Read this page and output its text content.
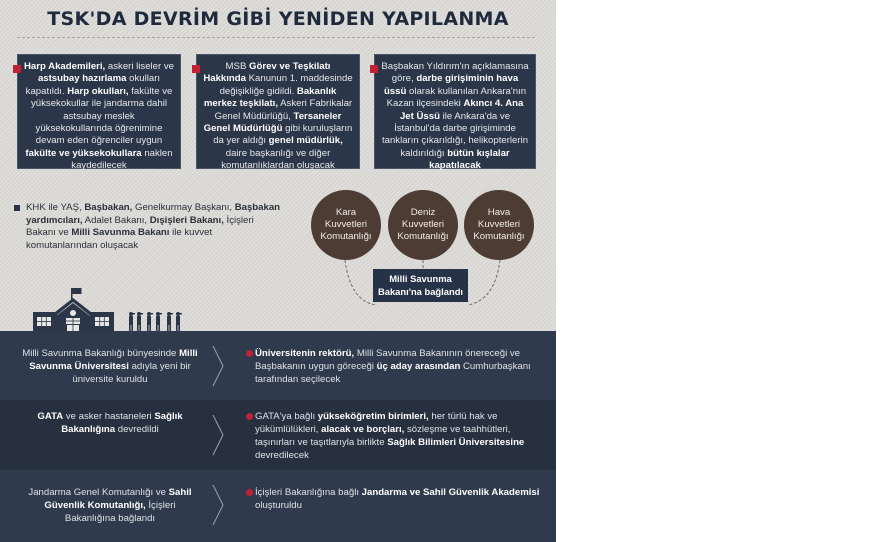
TSK'DA DEVRİM GİBİ YENİDEN YAPILANMA
Harp Akademileri, askeri liseler ve astsubay hazırlama okulları kapatıldı. Harp okulları, fakülte ve yüksekokullar ile jandarma dahil astsubay meslek yüksekokullarında öğrenimine devam eden öğrenciler uygun fakülte ve yüksekokullara naklen kaydedilecek
MSB Görev ve Teşkilatı Hakkında Kanunun 1. maddesinde değişikliğe gidildi. Bakanlık merkez teşkilatı, Askeri Fabrikalar Genel Müdürlüğü, Tersaneler Genel Müdürlüğü gibi kuruluşların da yer aldığı genel müdürlük, daire başkanlığı ve diğer komutanlıklardan oluşacak
Başbakan Yıldırım'ın açıklamasına göre, darbe girişiminin hava üssü olarak kullanılan Ankara'nın Kazan ilçesindeki Akıncı 4. Ana Jet Üssü ile Ankara'da ve İstanbul'da darbe girişiminde tankların çıkarıldığı, helikopterlerin kaldırıldığı bütün kışlalar kapatılacak
KHK ile YAŞ, Başbakan, Genelkurmay Başkanı, Başbakan yardımcıları, Adalet Bakanı, Dışişleri Bakanı, İçişleri Bakanı ve Milli Savunma Bakanı ile kuvvet komutanlarından oluşacak
Kara
Kuvvetleri
Komutanlığı
Deniz
Kuvvetleri
Komutanlığı
Hava
Kuvvetleri
Komutanlığı
Milli Savunma
Bakanı'na bağlandı
Milli Savunma Bakanlığı bünyesinde Milli Savunma Üniversitesi adıyla yeni bir üniversite kuruldu
Üniversitenin rektörü, Milli Savunma Bakanının önereceği ve Başbakanın uygun göreceği üç aday arasından Cumhurbaşkanı tarafından seçilecek
GATA ve asker hastaneleri Sağlık Bakanlığına devredildi
GATA'ya bağlı yükseköğretim birimleri, her türlü hak ve yükümlülükleri, alacak ve borçları, sözleşme ve taahhütleri, taşınırları ve taşıtlarıyla birlikte Sağlık Bilimleri Üniversitesine devredilecek
Jandarma Genel Komutanlığı ve Sahil Güvenlik Komutanlığı, İçişleri Bakanlığına bağlandı
İçişleri Bakanlığına bağlı Jandarma ve Sahil Güvenlik Akademisi oluşturuldu
